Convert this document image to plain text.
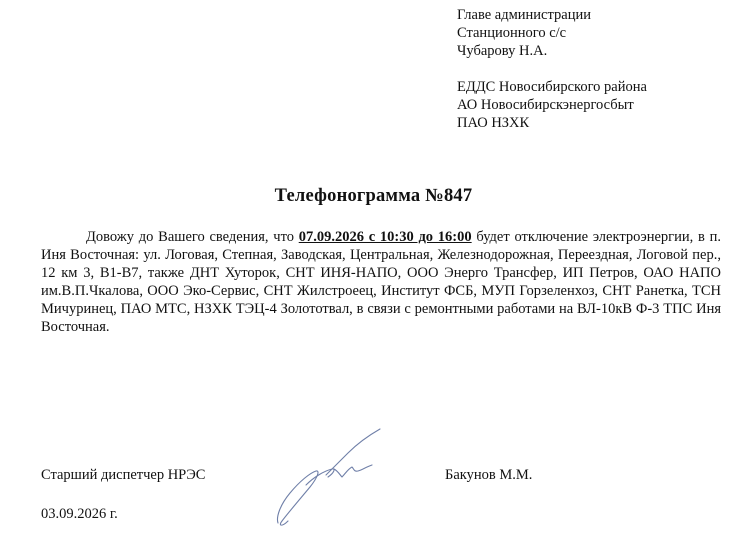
Главе администрации
Станционного с/с
Чубарову Н.А.
ЕДДС Новосибирского района
АО Новосибирскэнергосбыт
ПАО НЗХК
Телефонограмма №847
Довожу до Вашего сведения, что 07.09.2026 с 10:30 до 16:00 будет отключение электроэнергии, в п. Иня Восточная: ул. Логовая, Степная, Заводская, Центральная, Железнодорожная, Переездная, Логовой пер., 12 км 3, В1-В7, также ДНТ Хуторок, СНТ ИНЯ-НАПО, ООО Энерго Трансфер, ИП Петров, ОАО НАПО им.В.П.Чкалова, ООО Эко-Сервис, СНТ Жилстроеец, Институт ФСБ, МУП Горзеленхоз, СНТ Ранетка, ТСН Мичуринец, ПАО МТС, НЗХК ТЭЦ-4 Золототвал, в связи с ремонтными работами на ВЛ-10кВ Ф-3 ТПС Иня Восточная.
Старший диспетчер НРЭС	Бакунов М.М.
03.09.2026 г.
